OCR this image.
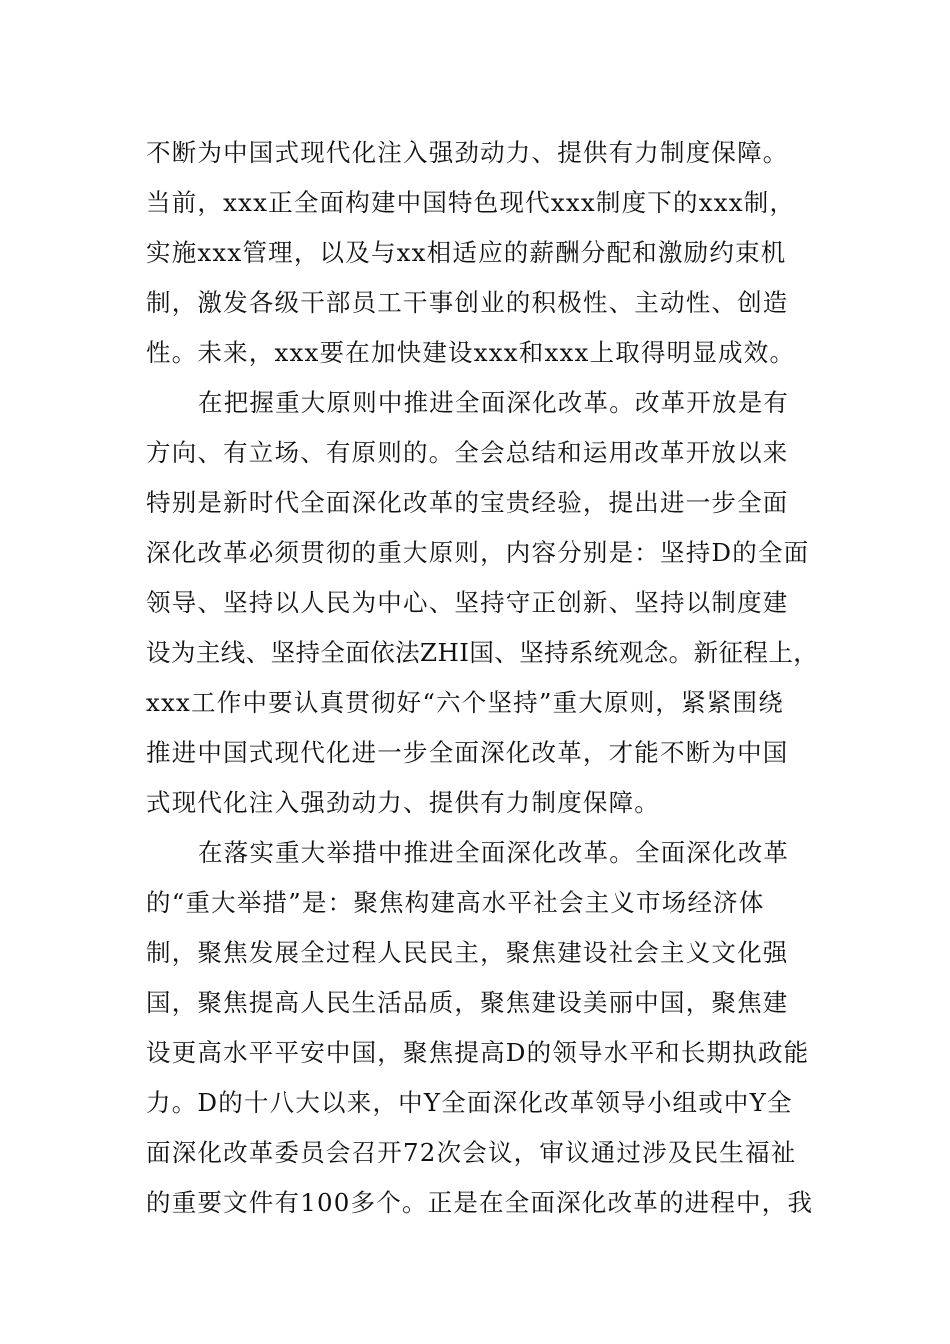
不断为中国式现代化注入强劲动力、提供有力制度保障。
当前，xxx正全面构建中国特色现代xxx制度下的xxx制，
实施xxx管理，以及与xx相适应的薪酬分配和激励约束机
制，激发各级干部员工干事创业的积极性、主动性、创造
性。未来，xxx要在加快建设xxx和xxx上取得明显成效。
在把握重大原则中推进全面深化改革。改革开放是有
方向、有立场、有原则的。全会总结和运用改革开放以来
特别是新时代全面深化改革的宝贵经验，提出进一步全面
深化改革必须贯彻的重大原则，内容分别是：坚持D的全面
领导、坚持以人民为中心、坚持守正创新、坚持以制度建
设为主线、坚持全面依法ZHI国、坚持系统观念。新征程上，
xxx工作中要认真贯彻好“六个坚持”重大原则，紧紧围绕
推进中国式现代化进一步全面深化改革，才能不断为中国
式现代化注入强劲动力、提供有力制度保障。
在落实重大举措中推进全面深化改革。全面深化改革
的“重大举措”是：聚焦构建高水平社会主义市场经济体
制，聚焦发展全过程人民民主，聚焦建设社会主义文化强
国，聚焦提高人民生活品质，聚焦建设美丽中国，聚焦建
设更高水平平安中国，聚焦提高D的领导水平和长期执政能
力。D的十八大以来，中Y全面深化改革领导小组或中Y全
面深化改革委员会召开72次会议，审议通过涉及民生福祉
的重要文件有100多个。正是在全面深化改革的进程中，我
